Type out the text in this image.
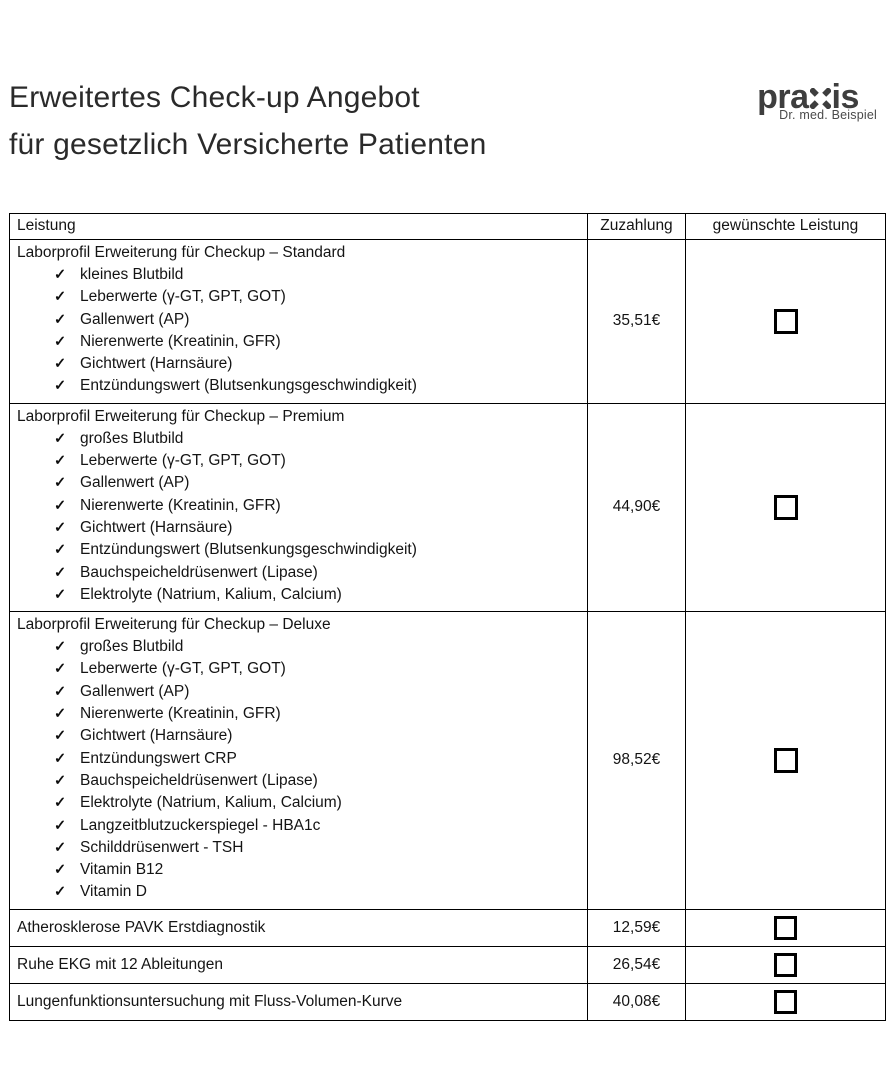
pra is
Dr. med. Beispiel
Erweitertes Check-up Angebot
für gesetzlich Versicherte Patienten
Leistung	Zuzahlung	gewünschte Leistung

Laborprofil Erweiterung für Checkup – Standard
✓ kleines Blutbild
✓ Leberwerte (γ-GT, GPT, GOT)
✓ Gallenwert (AP)
✓ Nierenwerte (Kreatinin, GFR)
✓ Gichtwert (Harnsäure)
✓ Entzündungswert (Blutsenkungsgeschwindigkeit)
	35,51€	

Laborprofil Erweiterung für Checkup – Premium
✓ großes Blutbild
✓ Leberwerte (γ-GT, GPT, GOT)
✓ Gallenwert (AP)
✓ Nierenwerte (Kreatinin, GFR)
✓ Gichtwert (Harnsäure)
✓ Entzündungswert (Blutsenkungsgeschwindigkeit)
✓ Bauchspeicheldrüsenwert (Lipase)
✓ Elektrolyte (Natrium, Kalium, Calcium)
	44,90€	

Laborprofil Erweiterung für Checkup – Deluxe
✓ großes Blutbild
✓ Leberwerte (γ-GT, GPT, GOT)
✓ Gallenwert (AP)
✓ Nierenwerte (Kreatinin, GFR)
✓ Gichtwert (Harnsäure)
✓ Entzündungswert CRP
✓ Bauchspeicheldrüsenwert (Lipase)
✓ Elektrolyte (Natrium, Kalium, Calcium)
✓ Langzeitblutzuckerspiegel - HBA1c
✓ Schilddrüsenwert - TSH
✓ Vitamin B12
✓ Vitamin D
	98,52€	
Atherosklerose PAVK Erstdiagnostik	12,59€	
Ruhe EKG mit 12 Ableitungen	26,54€	
Lungenfunktionsuntersuchung mit Fluss-Volumen-Kurve	40,08€	
